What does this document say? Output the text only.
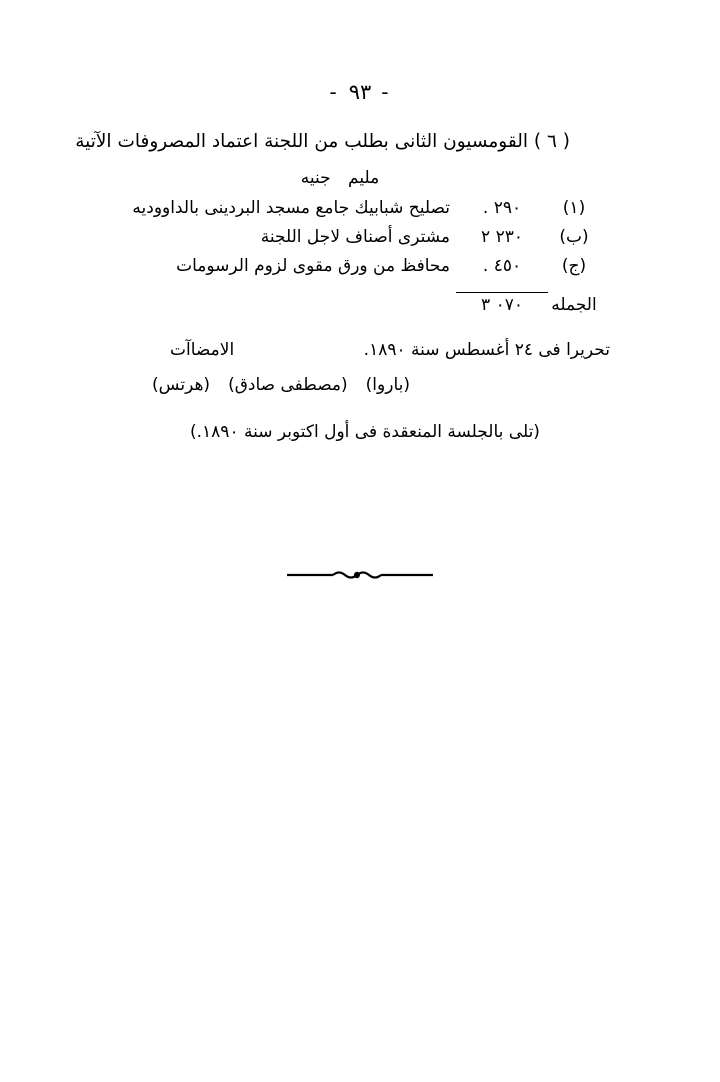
-٩٣-
( ٦ ) القومسيون الثانى بطلب من اللجنة اعتماد المصروفات الآتية
مليم جنيه
(١)
٢٩٠ .
تصليح شبابيك جامع مسجد البردينى بالداووديه
(ب)
٢٣٠ ٢
مشترى أصناف لاجل اللجنة
(ج)
٤٥٠ .
محافظ من ورق مقوى لزوم الرسومات
الجمله
٠٧٠ ٣
تحريرا فى ٢٤ أغسطس سنة ١٨٩٠.
الامضاآت
(باروا)
(مصطفى صادق)
(هرتس)
(تلى بالجلسة المنعقدة فى أول اكتوبر سنة ١٨٩٠.)
